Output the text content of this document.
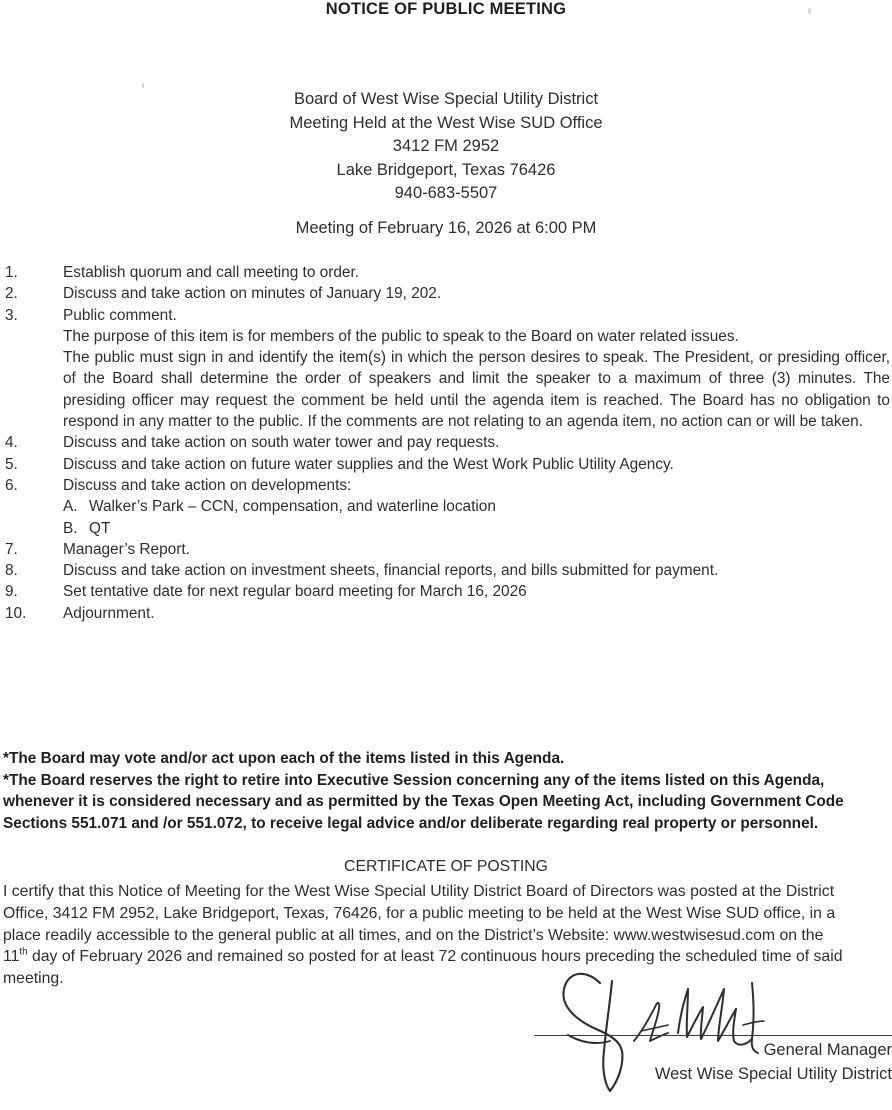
NOTICE OF PUBLIC MEETING
Board of West Wise Special Utility District
Meeting Held at the West Wise SUD Office
3412 FM 2952
Lake Bridgeport, Texas 76426
940-683-5507
Meeting of February 16, 2026 at 6:00 PM
1.	Establish quorum and call meeting to order.
2.	Discuss and take action on minutes of January 19, 202.
3.	Public comment.
The purpose of this item is for members of the public to speak to the Board on water related issues.
The public must sign in and identify the item(s) in which the person desires to speak. The President, or presiding officer, of the Board shall determine the order of speakers and limit the speaker to a maximum of three (3) minutes. The presiding officer may request the comment be held until the agenda item is reached. The Board has no obligation to respond in any matter to the public. If the comments are not relating to an agenda item, no action can or will be taken.
4.	Discuss and take action on south water tower and pay requests.
5.	Discuss and take action on future water supplies and the West Work Public Utility Agency.
6.	Discuss and take action on developments:
A. Walker’s Park – CCN, compensation, and waterline location
B. QT
7.	Manager’s Report.
8.	Discuss and take action on investment sheets, financial reports, and bills submitted for payment.
9.	Set tentative date for next regular board meeting for March 16, 2026
10.	Adjournment.
*The Board may vote and/or act upon each of the items listed in this Agenda.
*The Board reserves the right to retire into Executive Session concerning any of the items listed on this Agenda,
whenever it is considered necessary and as permitted by the Texas Open Meeting Act, including Government Code
Sections 551.071 and /or 551.072, to receive legal advice and/or deliberate regarding real property or personnel.
CERTIFICATE OF POSTING
I certify that this Notice of Meeting for the West Wise Special Utility District Board of Directors was posted at the District
Office, 3412 FM 2952, Lake Bridgeport, Texas, 76426, for a public meeting to be held at the West Wise SUD office, in a
place readily accessible to the general public at all times, and on the District’s Website: www.westwisesud.com on the
11th day of February 2026 and remained so posted for at least 72 continuous hours preceding the scheduled time of said
meeting.
General Manager
West Wise Special Utility District
